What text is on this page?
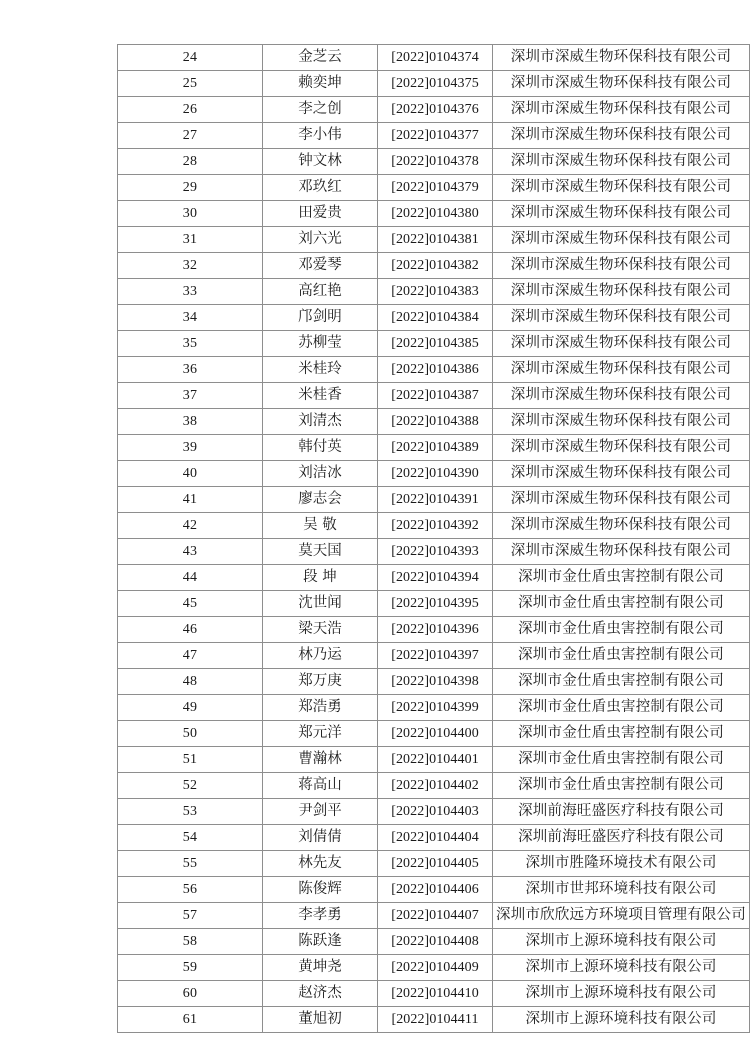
24	金芝云	[2022]0104374	深圳市深威生物环保科技有限公司
25	赖奕坤	[2022]0104375	深圳市深威生物环保科技有限公司
26	李之创	[2022]0104376	深圳市深威生物环保科技有限公司
27	李小伟	[2022]0104377	深圳市深威生物环保科技有限公司
28	钟文林	[2022]0104378	深圳市深威生物环保科技有限公司
29	邓玖红	[2022]0104379	深圳市深威生物环保科技有限公司
30	田爱贵	[2022]0104380	深圳市深威生物环保科技有限公司
31	刘六光	[2022]0104381	深圳市深威生物环保科技有限公司
32	邓爱琴	[2022]0104382	深圳市深威生物环保科技有限公司
33	高红艳	[2022]0104383	深圳市深威生物环保科技有限公司
34	邝剑明	[2022]0104384	深圳市深威生物环保科技有限公司
35	苏柳莹	[2022]0104385	深圳市深威生物环保科技有限公司
36	米桂玲	[2022]0104386	深圳市深威生物环保科技有限公司
37	米桂香	[2022]0104387	深圳市深威生物环保科技有限公司
38	刘清杰	[2022]0104388	深圳市深威生物环保科技有限公司
39	韩付英	[2022]0104389	深圳市深威生物环保科技有限公司
40	刘洁冰	[2022]0104390	深圳市深威生物环保科技有限公司
41	廖志会	[2022]0104391	深圳市深威生物环保科技有限公司
42	吴敬	[2022]0104392	深圳市深威生物环保科技有限公司
43	莫天国	[2022]0104393	深圳市深威生物环保科技有限公司
44	段坤	[2022]0104394	深圳市金仕盾虫害控制有限公司
45	沈世闻	[2022]0104395	深圳市金仕盾虫害控制有限公司
46	梁天浩	[2022]0104396	深圳市金仕盾虫害控制有限公司
47	林乃运	[2022]0104397	深圳市金仕盾虫害控制有限公司
48	郑万庚	[2022]0104398	深圳市金仕盾虫害控制有限公司
49	郑浩勇	[2022]0104399	深圳市金仕盾虫害控制有限公司
50	郑元洋	[2022]0104400	深圳市金仕盾虫害控制有限公司
51	曹瀚林	[2022]0104401	深圳市金仕盾虫害控制有限公司
52	蒋高山	[2022]0104402	深圳市金仕盾虫害控制有限公司
53	尹剑平	[2022]0104403	深圳前海旺盛医疗科技有限公司
54	刘倩倩	[2022]0104404	深圳前海旺盛医疗科技有限公司
55	林先友	[2022]0104405	深圳市胜隆环境技术有限公司
56	陈俊辉	[2022]0104406	深圳市世邦环境科技有限公司
57	李孝勇	[2022]0104407	深圳市欣欣远方环境项目管理有限公司
58	陈跃逢	[2022]0104408	深圳市上源环境科技有限公司
59	黄坤尧	[2022]0104409	深圳市上源环境科技有限公司
60	赵济杰	[2022]0104410	深圳市上源环境科技有限公司
61	董旭初	[2022]0104411	深圳市上源环境科技有限公司
